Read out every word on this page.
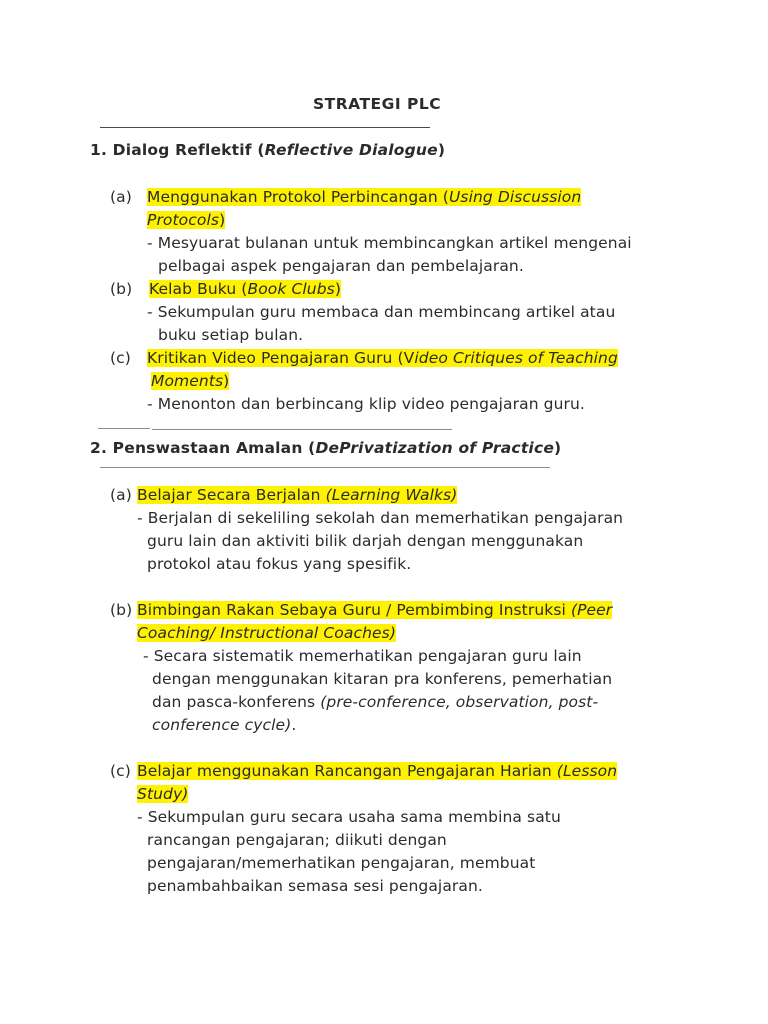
STRATEGI PLC
1. Dialog Reflektif (Reflective Dialogue)
(a) Menggunakan Protokol Perbincangan (Using Discussion
Protocols)
- Mesyuarat bulanan untuk membincangkan artikel mengenai
pelbagai aspek pengajaran dan pembelajaran.
(b) Kelab Buku (Book Clubs)
- Sekumpulan guru membaca dan membincang artikel atau
buku setiap bulan.
(c) Kritikan Video Pengajaran Guru (Video Critiques of Teaching
Moments)
- Menonton dan berbincang klip video pengajaran guru.
2. Penswastaan Amalan (DePrivatization of Practice)
(a) Belajar Secara Berjalan (Learning Walks)
- Berjalan di sekeliling sekolah dan memerhatikan pengajaran
guru lain dan aktiviti bilik darjah dengan menggunakan
protokol atau fokus yang spesifik.
(b) Bimbingan Rakan Sebaya Guru / Pembimbing Instruksi (Peer
Coaching/ Instructional Coaches)
- Secara sistematik memerhatikan pengajaran guru lain
dengan menggunakan kitaran pra konferens, pemerhatian
dan pasca-konferens (pre-conference, observation, post-
conference cycle).
(c) Belajar menggunakan Rancangan Pengajaran Harian (Lesson
Study)
- Sekumpulan guru secara usaha sama membina satu
rancangan pengajaran; diikuti dengan
pengajaran/memerhatikan pengajaran, membuat
penambahbaikan semasa sesi pengajaran.
